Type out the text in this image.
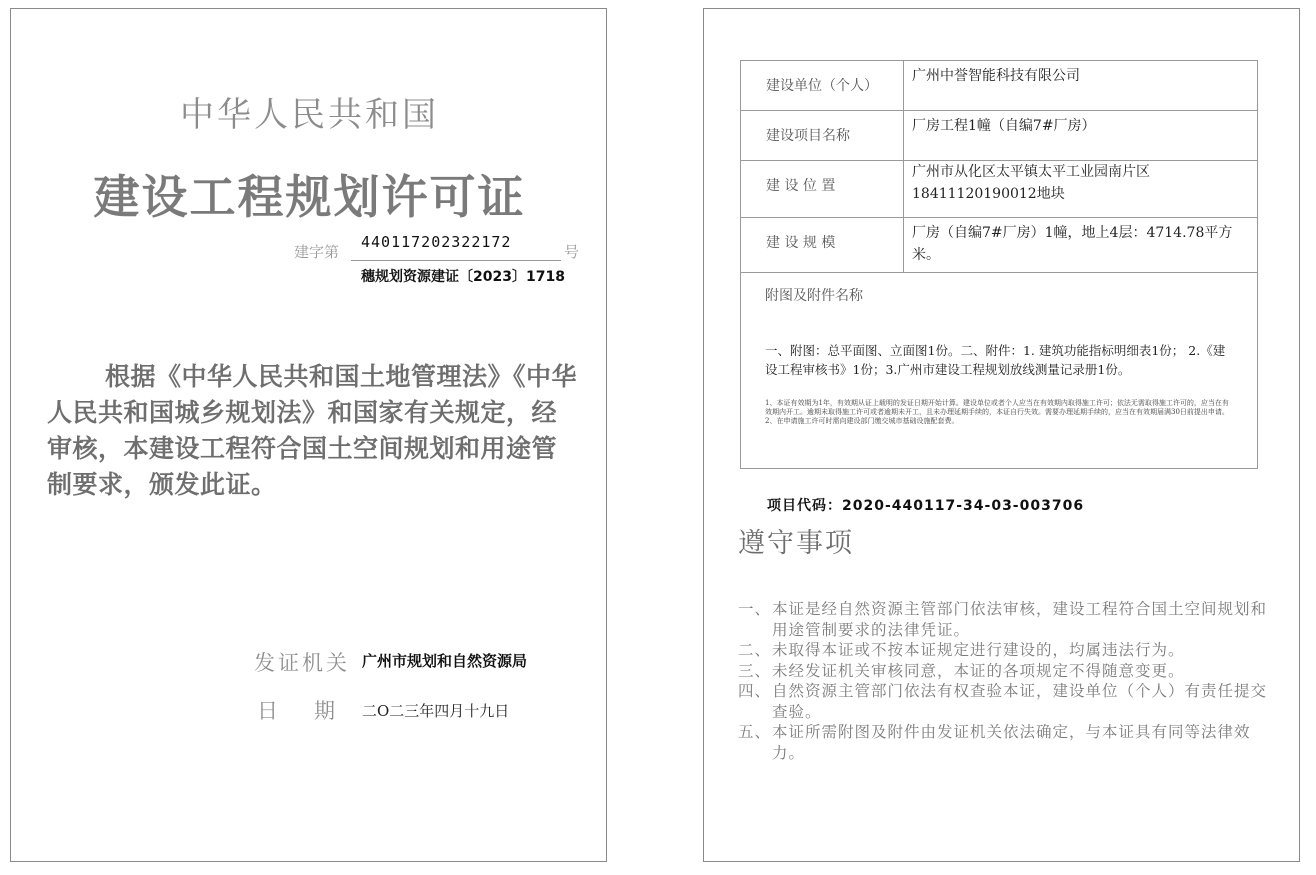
中华人民共和国
建设工程规划许可证
建字第
440117202322172
号
穗规划资源建证〔2023〕1718
根据《中华人民共和国土地管理法》《中华人民共和国城乡规划法》和国家有关规定，经审核，本建设工程符合国土空间规划和用途管制要求，颁发此证。
发证机关 广州市规划和自然资源局
日期
二O二三年四月十九日
建设单位（个人）	广州中誉智能科技有限公司
建设项目名称	厂房工程1幢（自编7#厂房）
建 设 位 置	广州市从化区太平镇太平工业园南片区18411120190012地块
建 设 规 模	厂房（自编7#厂房）1幢，地上4层：4714.78平方米。

附图及附件名称
一、附图：总平面图、立面图1份。二、附件：1. 建筑功能指标明细表1份； 2.《建设工程审核书》1份；3.广州市建设工程规划放线测量记录册1份。
1、本证有效期为1年，有效期从证上载明的发证日期开始计算。建设单位或者个人应当在有效期内取得施工许可；依法无需取得施工许可的，应当在有效期内开工。逾期未取得施工许可或者逾期未开工，且未办理延期手续的，本证自行失效。需要办理延期手续的，应当在有效期届满30日前提出申请。2、在申请施工许可时需向建设部门缴交城市基础设施配套费。	
项目代码：2020-440117-34-03-003706
遵守事项
一、 本证是经自然资源主管部门依法审核，建设工程符合国土空间规划和用途管制要求的法律凭证。
二、 未取得本证或不按本证规定进行建设的，均属违法行为。
三、 未经发证机关审核同意，本证的各项规定不得随意变更。
四、 自然资源主管部门依法有权查验本证，建设单位（个人）有责任提交查验。
五、 本证所需附图及附件由发证机关依法确定，与本证具有同等法律效力。
